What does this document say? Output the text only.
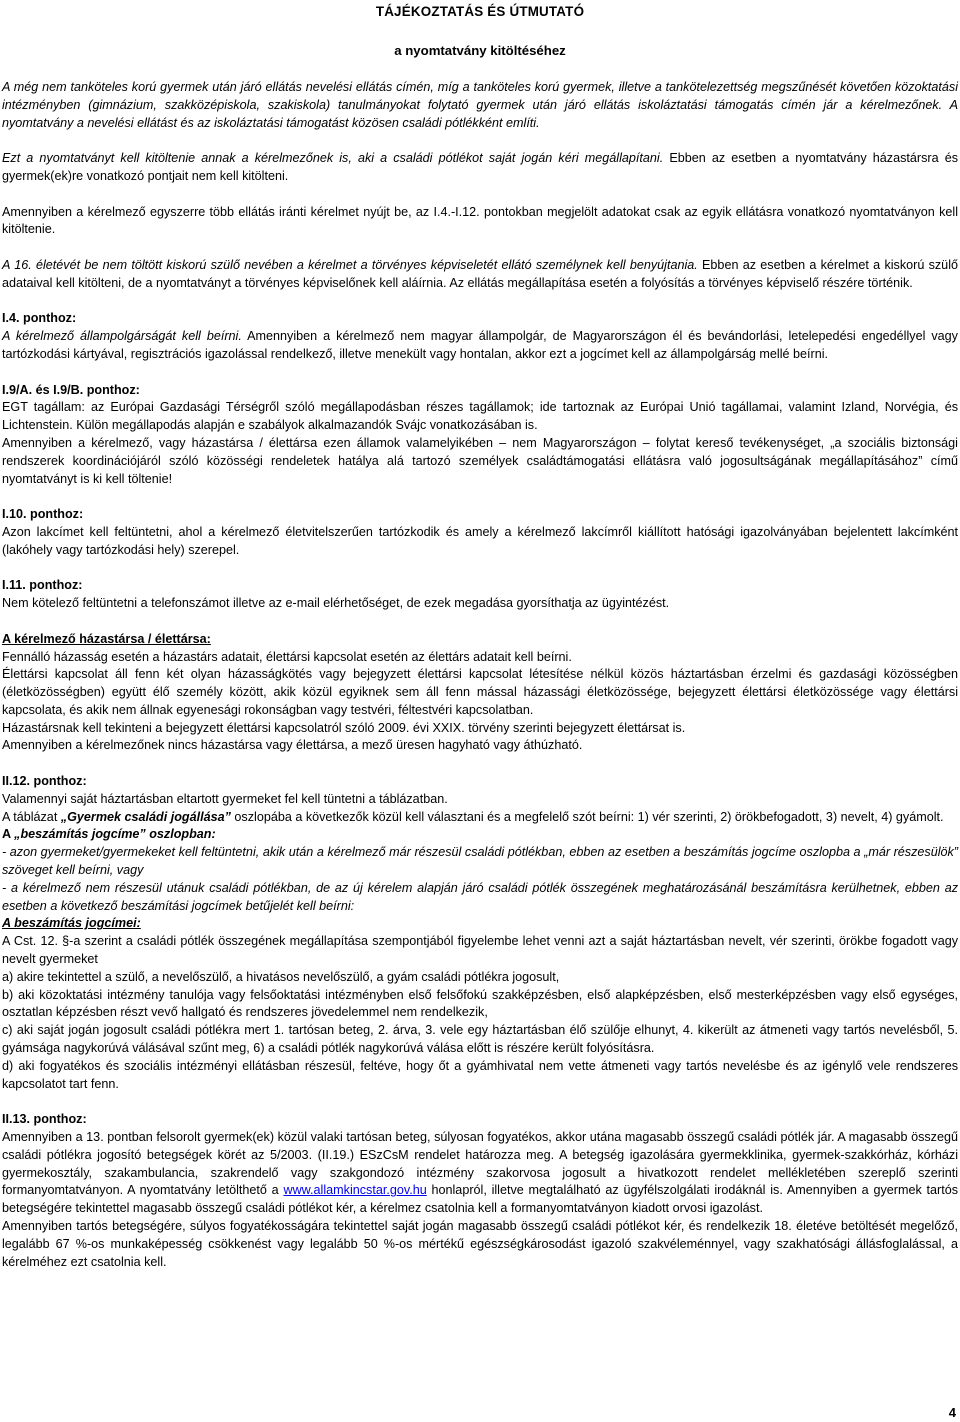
TÁJÉKOZTATÁS ÉS ÚTMUTATÓ
a nyomtatvány kitöltéséhez

A még nem tanköteles korú gyermek után járó ellátás nevelési ellátás címén, míg a tanköteles korú gyermek, illetve a tankötelezettség megszűnését követően közoktatási intézményben (gimnázium, szakközépiskola, szakiskola) tanulmányokat folytató gyermek után járó ellátás iskoláztatási támogatás címén jár a kérelmezőnek. A nyomtatvány a nevelési ellátást és az iskoláztatási támogatást közösen családi pótlékként említi.

Ezt a nyomtatványt kell kitöltenie annak a kérelmezőnek is, aki a családi pótlékot saját jogán kéri megállapítani. Ebben az esetben a nyomtatvány házastársra és gyermek(ek)re vonatkozó pontjait nem kell kitölteni.

Amennyiben a kérelmező egyszerre több ellátás iránti kérelmet nyújt be, az I.4.-I.12. pontokban megjelölt adatokat csak az egyik ellátásra vonatkozó nyomtatványon kell kitöltenie.

A 16. életévét be nem töltött kiskorú szülő nevében a kérelmet a törvényes képviseletét ellátó személynek kell benyújtania. Ebben az esetben a kérelmet a kiskorú szülő adataival kell kitölteni, de a nyomtatványt a törvényes képviselőnek kell aláírnia. Az ellátás megállapítása esetén a folyósítás a törvényes képviselő részére történik.

I.4. ponthoz:

A kérelmező állampolgárságát kell beírni. Amennyiben a kérelmező nem magyar állampolgár, de Magyarországon él és bevándorlási, letelepedési engedéllyel vagy tartózkodási kártyával, regisztrációs igazolással rendelkező, illetve menekült vagy hontalan, akkor ezt a jogcímet kell az állampolgárság mellé beírni.

I.9/A. és I.9/B. ponthoz:

EGT tagállam: az Európai Gazdasági Térségről szóló megállapodásban részes tagállamok; ide tartoznak az Európai Unió tagállamai, valamint Izland, Norvégia, és Lichtenstein. Külön megállapodás alapján e szabályok alkalmazandók Svájc vonatkozásában is.

Amennyiben a kérelmező, vagy házastársa / élettársa ezen államok valamelyikében – nem Magyarországon – folytat kereső tevékenységet, „a szociális biztonsági rendszerek koordinációjáról szóló közösségi rendeletek hatálya alá tartozó személyek családtámogatási ellátásra való jogosultságának megállapításához” című nyomtatványt is ki kell töltenie!

I.10. ponthoz:

Azon lakcímet kell feltüntetni, ahol a kérelmező életvitelszerűen tartózkodik és amely a kérelmező lakcímről kiállított hatósági igazolványában bejelentett lakcímként (lakóhely vagy tartózkodási hely) szerepel.

I.11. ponthoz:

Nem kötelező feltüntetni a telefonszámot illetve az e-mail elérhetőséget, de ezek megadása gyorsíthatja az ügyintézést.

A kérelmező házastársa / élettársa:

Fennálló házasság esetén a házastárs adatait, élettársi kapcsolat esetén az élettárs adatait kell beírni.

Élettársi kapcsolat áll fenn két olyan házasságkötés vagy bejegyzett élettársi kapcsolat létesítése nélkül közös háztartásban érzelmi és gazdasági közösségben (életközösségben) együtt élő személy között, akik közül egyiknek sem áll fenn mással házassági életközössége, bejegyzett élettársi életközössége vagy élettársi kapcsolata, és akik nem állnak egyenesági rokonságban vagy testvéri, féltestvéri kapcsolatban.

Házastársnak kell tekinteni a bejegyzett élettársi kapcsolatról szóló 2009. évi XXIX. törvény szerinti bejegyzett élettársat is.

Amennyiben a kérelmezőnek nincs házastársa vagy élettársa, a mező üresen hagyható vagy áthúzható.

II.12. ponthoz:

Valamennyi saját háztartásban eltartott gyermeket fel kell tüntetni a táblázatban.

A táblázat „Gyermek családi jogállása” oszlopába a következők közül kell választani és a megfelelő szót beírni: 1) vér szerinti, 2) örökbefogadott, 3) nevelt, 4) gyámolt.

A „beszámítás jogcíme” oszlopban:

- azon gyermeket/gyermekeket kell feltüntetni, akik után a kérelmező már részesül családi pótlékban, ebben az esetben a beszámítás jogcíme oszlopba a „már részesülök” szöveget kell beírni, vagy

- a kérelmező nem részesül utánuk családi pótlékban, de az új kérelem alapján járó családi pótlék összegének meghatározásánál beszámításra kerülhetnek, ebben az esetben a következő beszámítási jogcímek betűjelét kell beírni:

A beszámítás jogcímei:

A Cst. 12. §-a szerint a családi pótlék összegének megállapítása szempontjából figyelembe lehet venni azt a saját háztartásban nevelt, vér szerinti, örökbe fogadott vagy nevelt gyermeket

a) akire tekintettel a szülő, a nevelőszülő, a hivatásos nevelőszülő, a gyám családi pótlékra jogosult,

b) aki közoktatási intézmény tanulója vagy felsőoktatási intézményben első felsőfokú szakképzésben, első alapképzésben, első mesterképzésben vagy első egységes, osztatlan képzésben részt vevő hallgató és rendszeres jövedelemmel nem rendelkezik,

c) aki saját jogán jogosult családi pótlékra mert 1. tartósan beteg, 2. árva, 3. vele egy háztartásban élő szülője elhunyt, 4. kikerült az átmeneti vagy tartós nevelésből, 5. gyámsága nagykorúvá válásával szűnt meg, 6) a családi pótlék nagykorúvá válása előtt is részére került folyósításra.

d) aki fogyatékos és szociális intézményi ellátásban részesül, feltéve, hogy őt a gyámhivatal nem vette átmeneti vagy tartós nevelésbe és az igénylő vele rendszeres kapcsolatot tart fenn.

II.13. ponthoz:

Amennyiben a 13. pontban felsorolt gyermek(ek) közül valaki tartósan beteg, súlyosan fogyatékos, akkor utána magasabb összegű családi pótlék jár. A magasabb összegű családi pótlékra jogosító betegségek körét az 5/2003. (II.19.) ESzCsM rendelet határozza meg. A betegség igazolására gyermekklinika, gyermek-szakkórház, kórházi gyermekosztály, szakambulancia, szakrendelő vagy szakgondozó intézmény szakorvosa jogosult a hivatkozott rendelet mellékletében szereplő szerinti formanyomtatványon. A nyomtatvány letölthető a www.allamkincstar.gov.hu honlapról, illetve megtalálható az ügyfélszolgálati irodáknál is. Amennyiben a gyermek tartós betegségére tekintettel magasabb összegű családi pótlékot kér, a kérelmez csatolnia kell a formanyomtatványon kiadott orvosi igazolást.

Amennyiben tartós betegségére, súlyos fogyatékosságára tekintettel saját jogán magasabb összegű családi pótlékot kér, és rendelkezik 18. életéve betöltését megelőző, legalább 67 %-os munkaképesség csökkenést vagy legalább 50 %-os mértékű egészségkárosodást igazoló szakvéleménnyel, vagy szakhatósági állásfoglalással, a kérelméhez ezt csatolnia kell.

4
